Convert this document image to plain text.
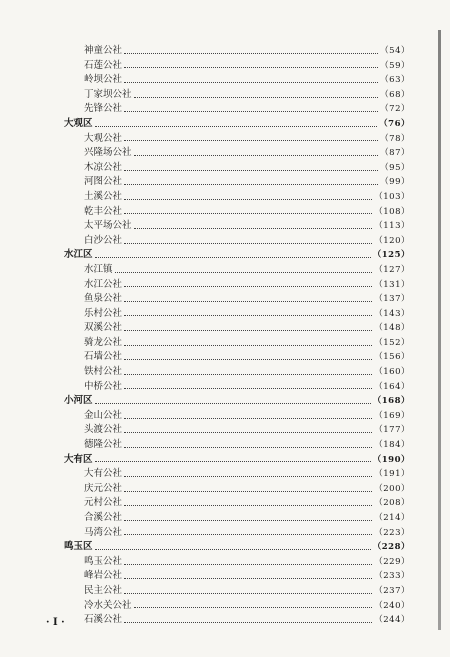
神童公社	（54）
石莲公社	（59）
岭坝公社	（63）
丁家坝公社	（68）
先锋公社	（72）
大观区	（76）
大观公社	（78）
兴隆场公社	（87）
木凉公社	（95）
河图公社	（99）
土溪公社	（103）
乾丰公社	（108）
太平场公社	（113）
白沙公社	（120）
水江区	（125）
水江镇	（127）
水江公社	（131）
鱼泉公社	（137）
乐村公社	（143）
双溪公社	（148）
骑龙公社	（152）
石墙公社	（156）
铁村公社	（160）
中桥公社	（164）
小河区	（168）
金山公社	（169）
头渡公社	（177）
德隆公社	（184）
大有区	（190）
大有公社	（191）
庆元公社	（200）
元村公社	（208）
合溪公社	（214）
马湾公社	（223）
鸣玉区	（228）
鸣玉公社	（229）
峰岩公社	（233）
民主公社	（237）
冷水关公社	（240）
石溪公社	（244）
· I ·
